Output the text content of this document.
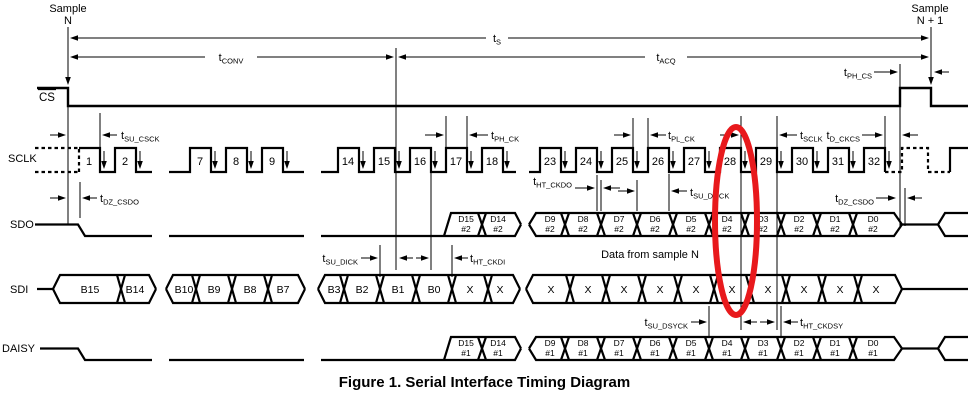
1	2	7	8	9	14 15 16 17 18	23 24 25 26 27 28 29 30 31 32
D15
#2
D14
#2
D9
#2
D8
#2
D7
#2
D6
#2
D5
#2
D4
#2
D3
#2
D2
#2
D1
#2
D0
#2
D15
#1
D14
#1
D9
#1
D8
#1
D7
#1
D6
#1
D5
#1
D4
#1
D3
#1
D2
#1
D1
#1
D0
#1
B15	B14	B10 B9 B8 B7	B3 B2 B1 B0 X X	X	X	X	X	X	X	X	X	X	X
$t_S$
$t_{CONV}$	$t_{ACQ}$
$t_{PH\_CS}$
$t_{SU\_CSCK}$
$t_{DZ\_CSDO}$
$t_{PH\_CK}$	$t_{PL\_CK}$	$t_{SCLK}$ $t_{D\_CKCS}$
$t_{HT\_CKDO}$
$t_{SU\_DOCK}$
$t_{SU\_DICK}$	$t_{HT\_CKDI}$
$t_{SU\_DSYCK}$	$t_{HT\_CKDSY}$
$t_{DZ\_CSDO}$
Sample
N
Sample
N + 1
CS
SCLK
SDO
SDI
DAISY
Data from sample N
Figure 1. Serial Interface Timing Diagram
